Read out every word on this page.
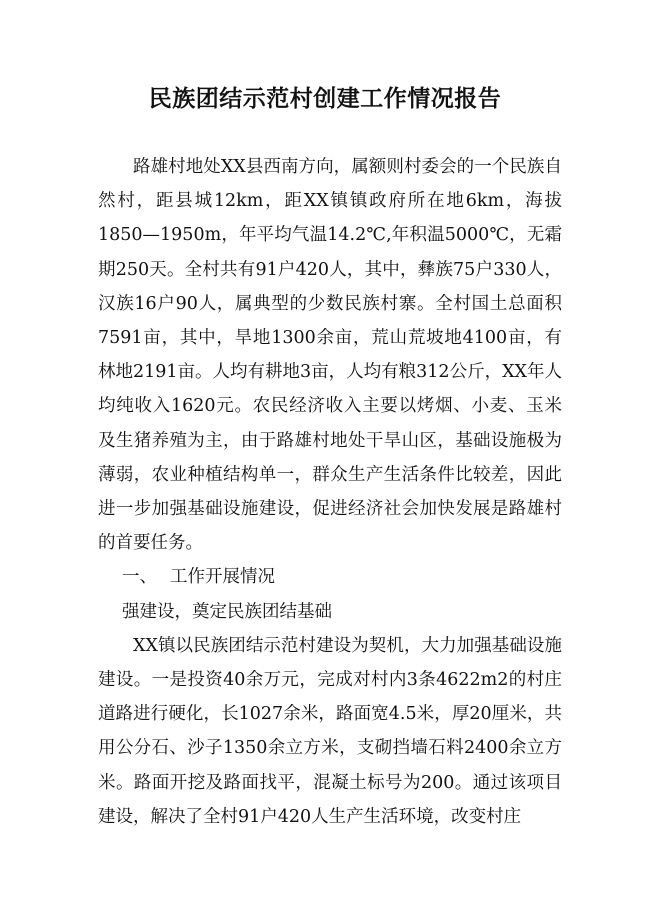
民族团结示范村创建工作情况报告

路雄村地处XX县西南方向，属额则村委会的一个民族自然村，距县城12km，距XX镇镇政府所在地6km，海拔1850—1950m，年平均气温14.2℃,年积温5000℃，无霜期250天。全村共有91户420人，其中，彝族75户330人，汉族16户90人，属典型的少数民族村寨。全村国土总面积7591亩，其中，旱地1300余亩，荒山荒坡地4100亩，有林地2191亩。人均有耕地3亩，人均有粮312公斤，XX年人均纯收入1620元。农民经济收入主要以烤烟、小麦、玉米及生猪养殖为主，由于路雄村地处干旱山区，基础设施极为薄弱，农业种植结构单一，群众生产生活条件比较差，因此进一步加强基础设施建设，促进经济社会加快发展是路雄村的首要任务。

一、 工作开展情况

强建设，奠定民族团结基础

XX镇以民族团结示范村建设为契机，大力加强基础设施建设。一是投资40余万元，完成对村内3条4622m2的村庄道路进行硬化，长1027余米，路面宽4.5米，厚20厘米，共用公分石、沙子1350余立方米，支砌挡墙石料2400余立方米。路面开挖及路面找平，混凝土标号为200。通过该项目建设，解决了全村91户420人生产生活环境，改变村庄
